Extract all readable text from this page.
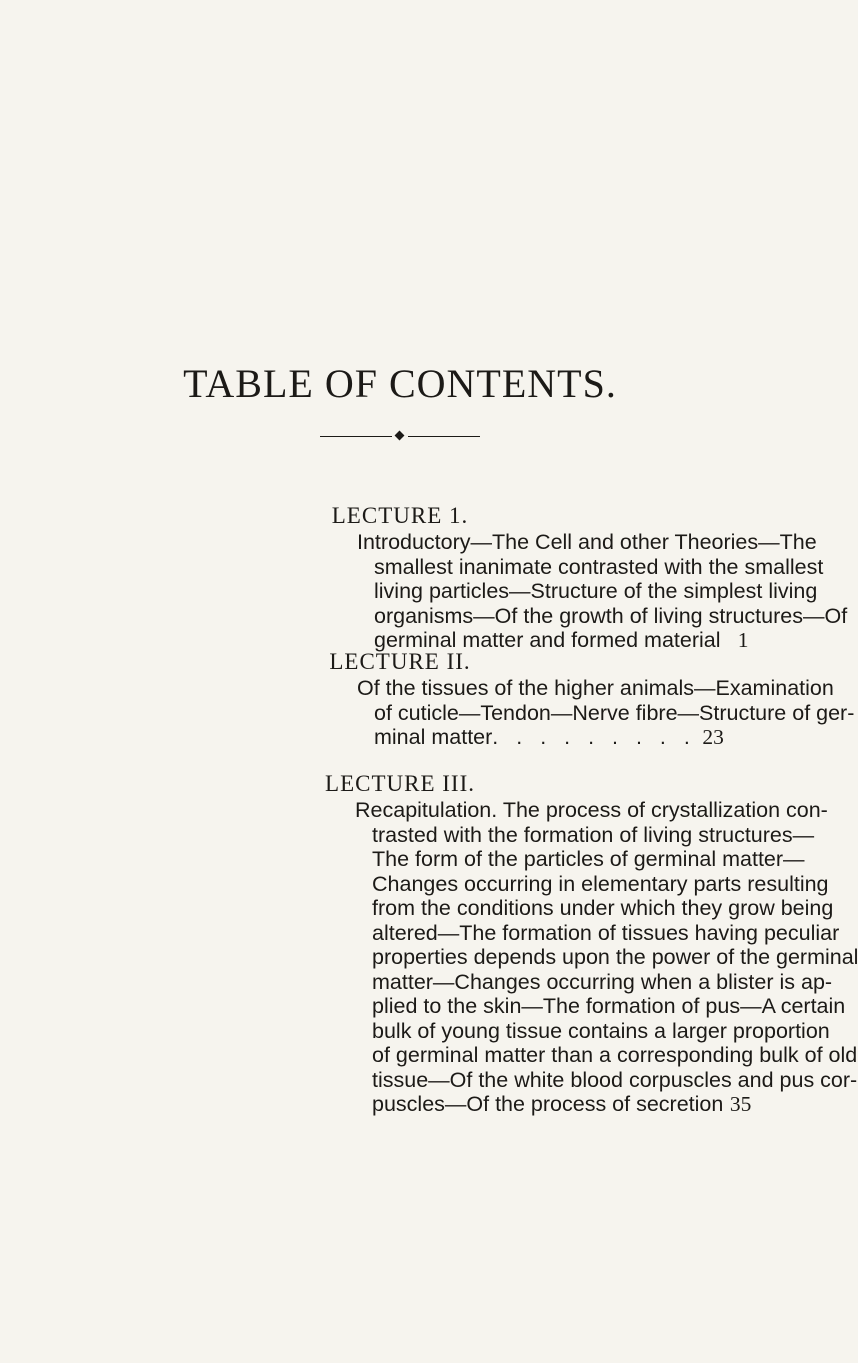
TABLE OF CONTENTS.
LECTURE 1.
Introductory—The Cell and other Theories—The
smallest inanimate contrasted with the smallest
living particles—Structure of the simplest living
organisms—Of the growth of living structures—Of
germinal matter and formed material 1
LECTURE II.
Of the tissues of the higher animals—Examination
of cuticle—Tendon—Nerve fibre—Structure of ger-
minal matter . . . . . . . . . 23
LECTURE III.
Recapitulation. The process of crystallization con-
trasted with the formation of living structures—
The form of the particles of germinal matter—
Changes occurring in elementary parts resulting
from the conditions under which they grow being
altered—The formation of tissues having peculiar
properties depends upon the power of the germinal
matter—Changes occurring when a blister is ap-
plied to the skin—The formation of pus—A certain
bulk of young tissue contains a larger proportion
of germinal matter than a corresponding bulk of old
tissue—Of the white blood corpuscles and pus cor-
puscles—Of the process of secretion 35
